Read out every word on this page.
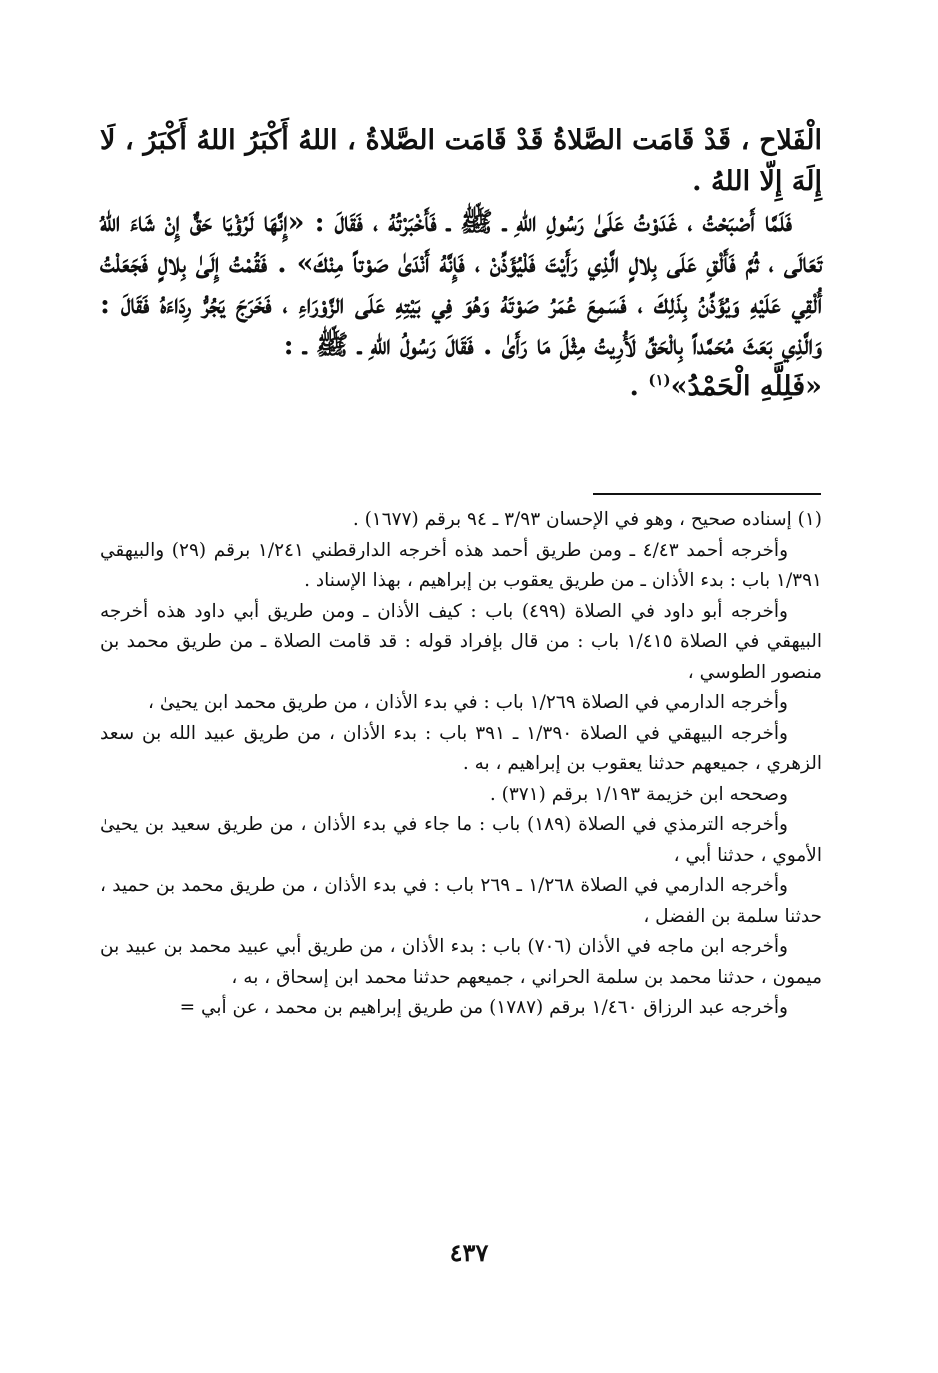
الْفَلاح ، قَدْ قَامَت الصَّلاةُ قَدْ قَامَت الصَّلاةُ ، اللهُ أَكْبَرُ اللهُ أَكْبَرُ ، لَا إِلَهَ إِلّا اللهُ .

فَلَمَّا أَصْبَحْتُ ، غَدَوْتُ عَلَىٰ رَسُولِ اللهِ ـ ﷺ ـ فَأَخْبَرْتُهُ ، فَقَالَ : «إِنَّهَا لَرُؤْيَا حَقٌّ إِنْ شَاءَ اللهُ تَعَالَى ، ثُمَّ فَأَلْقِ عَلَى بِلالٍ الَّذِي رَأَيْتَ فَلْيُؤَذِّنْ ، فَإِنَّهُ أَنْدَىٰ صَوْتاً مِنْكَ» . فَقُمْتُ إِلَىٰ بِلالٍ فَجَعَلْتُ أُلْقِي عَلَيْهِ وَيُؤَذِّنُ بِذَلِكَ ، فَسَمِعَ عُمَرُ صَوْتَهُ وَهُوَ فِي بَيْتِهِ عَلَى الزَّوْرَاءِ ، فَخَرَجَ يَجُرُّ رِدَاءَهُ فَقَالَ : وَالَّذِي بَعَثَ مُحَمَّداً بِالْحَقِّ لَأُرِيتُ مِثْلَ مَا رَأَىٰ . فَقَالَ رَسُولُ اللهِ ـ ﷺ ـ :

«فَلِلَّهِ الْحَمْدُ»$^{(١)}$ .

(١) إسناده صحيح ، وهو في الإحسان ٣/٩٣ ـ ٩٤ برقم (١٦٧٧) .

وأخرجه أحمد ٤/٤٣ ـ ومن طريق أحمد هذه أخرجه الدارقطني ١/٢٤١ برقم (٢٩) والبيهقي ١/٣٩١ باب : بدء الأذان ـ من طريق يعقوب بن إبراهيم ، بهذا الإسناد .

وأخرجه أبو داود في الصلاة (٤٩٩) باب : كيف الأذان ـ ومن طريق أبي داود هذه أخرجه البيهقي في الصلاة ١/٤١٥ باب : من قال بإفراد قوله : قد قامت الصلاة ـ من طريق محمد بن منصور الطوسي ،

وأخرجه الدارمي في الصلاة ١/٢٦٩ باب : في بدء الأذان ، من طريق محمد ابن يحيىٰ ،

وأخرجه البيهقي في الصلاة ١/٣٩٠ ـ ٣٩١ باب : بدء الأذان ، من طريق عبيد الله بن سعد الزهري ، جميعهم حدثنا يعقوب بن إبراهيم ، به .

وصححه ابن خزيمة ١/١٩٣ برقم (٣٧١) .

وأخرجه الترمذي في الصلاة (١٨٩) باب : ما جاء في بدء الأذان ، من طريق سعيد بن يحيىٰ الأموي ، حدثنا أبي ،

وأخرجه الدارمي في الصلاة ١/٢٦٨ ـ ٢٦٩ باب : في بدء الأذان ، من طريق محمد بن حميد ، حدثنا سلمة بن الفضل ،

وأخرجه ابن ماجه في الأذان (٧٠٦) باب : بدء الأذان ، من طريق أبي عبيد محمد بن عبيد بن ميمون ، حدثنا محمد بن سلمة الحراني ، جميعهم حدثنا محمد ابن إسحاق ، به ،

وأخرجه عبد الرزاق ١/٤٦٠ برقم (١٧٨٧) من طريق إبراهيم بن محمد ، عن أبي =

٤٣٧
